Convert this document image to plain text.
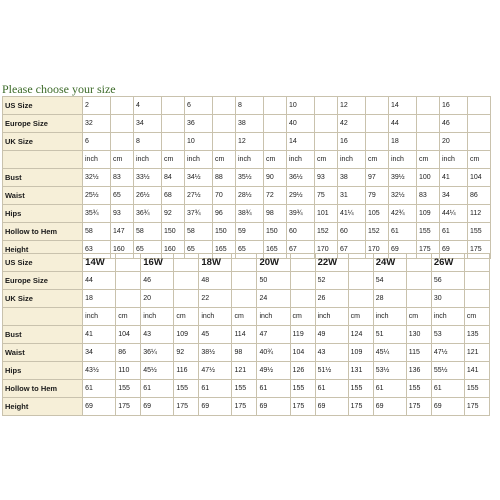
Please choose your size
US Size	2		4		6		8		10		12		14		16	
Europe Size	32		34		36		38		40		42		44		46	
UK Size	6		8		10		12		14		16		18		20	
	inch	cm	inch	cm	inch	cm	inch	cm	inch	cm	inch	cm	inch	cm	inch	cm
Bust	32½	83	33½	84	34½	88	35½	90	36½	93	38	97	39½	100	41	104
Waist	25½	65	26½	68	27½	70	28½	72	29½	75	31	79	32½	83	34	86
Hips	35¾	93	36¾	92	37¾	96	38¾	98	39¾	101	41¼	105	42¾	109	44¼	112
Hollow to Hem	58	147	58	150	58	150	59	150	60	152	60	152	61	155	61	155
Height	63	160	65	160	65	165	65	165	67	170	67	170	69	175	69	175
US Size	14W		16W		18W		20W		22W		24W		26W	
Europe Size	44		46		48		50		52		54		56	
UK Size	18		20		22		24		26		28		30	
	inch	cm	inch	cm	inch	cm	inch	cm	inch	cm	inch	cm	inch	cm
Bust	41	104	43	109	45	114	47	119	49	124	51	130	53	135
Waist	34	86	36¼	92	38½	98	40¾	104	43	109	45¼	115	47½	121
Hips	43½	110	45½	116	47½	121	49½	126	51½	131	53½	136	55½	141
Hollow to Hem	61	155	61	155	61	155	61	155	61	155	61	155	61	155
Height	69	175	69	175	69	175	69	175	69	175	69	175	69	175
